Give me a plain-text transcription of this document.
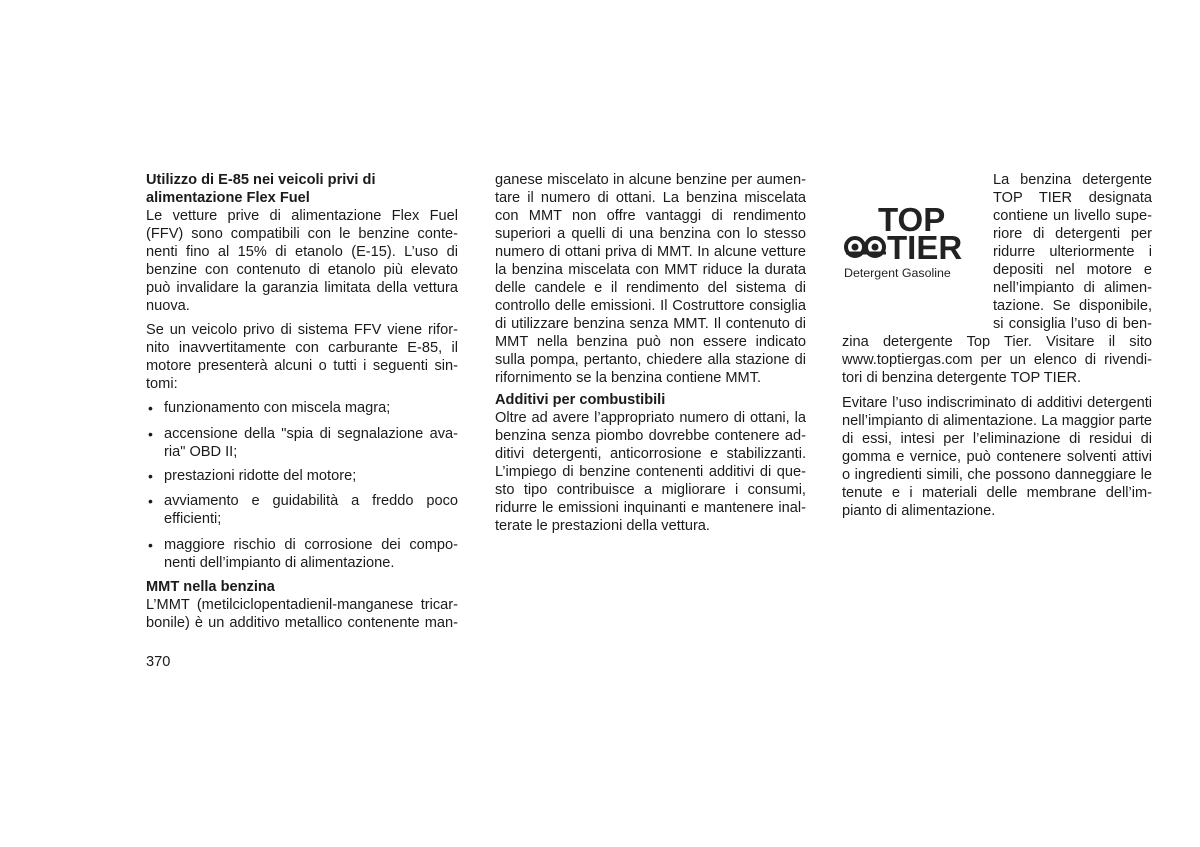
Utilizzo di E-85 nei veicoli privi di
alimentazione Flex Fuel
Le vetture prive di alimentazione Flex Fuel
(FFV) sono compatibili con le benzine conte-
nenti fino al 15% di etanolo (E-15). L’uso di
benzine con contenuto di etanolo più elevato
può invalidare la garanzia limitata della vettura
nuova.
Se un veicolo privo di sistema FFV viene rifor-
nito inavvertitamente con carburante E-85, il
motore presenterà alcuni o tutti i seguenti sin-
tomi:
• funzionamento con miscela magra;
• accensione della "spia di segnalazione ava-
ria" OBD II;
• prestazioni ridotte del motore;
• avviamento e guidabilità a freddo poco
efficienti;
• maggiore rischio di corrosione dei compo-
nenti dell’impianto di alimentazione.
MMT nella benzina
L’MMT (metilciclopentadienil-manganese tricar-
bonile) è un additivo metallico contenente man-
370
ganese miscelato in alcune benzine per aumen-
tare il numero di ottani. La benzina miscelata
con MMT non offre vantaggi di rendimento
superiori a quelli di una benzina con lo stesso
numero di ottani priva di MMT. In alcune vetture
la benzina miscelata con MMT riduce la durata
delle candele e il rendimento del sistema di
controllo delle emissioni. Il Costruttore consiglia
di utilizzare benzina senza MMT. Il contenuto di
MMT nella benzina può non essere indicato
sulla pompa, pertanto, chiedere alla stazione di
rifornimento se la benzina contiene MMT.
Additivi per combustibili
Oltre ad avere l’appropriato numero di ottani, la
benzina senza piombo dovrebbe contenere ad-
ditivi detergenti, anticorrosione e stabilizzanti.
L’impiego di benzine contenenti additivi di que-
sto tipo contribuisce a migliorare i consumi,
ridurre le emissioni inquinanti e mantenere inal-
terate le prestazioni della vettura.
TOP
TIER
Detergent Gasoline
La benzina detergente
TOP TIER designata
contiene un livello supe-
riore di detergenti per
ridurre ulteriormente i
depositi nel motore e
nell’impianto di alimen-
tazione. Se disponibile,
si consiglia l’uso di ben-
zina detergente Top Tier. Visitare il sito
www.toptiergas.com per un elenco di rivendi-
tori di benzina detergente TOP TIER.
Evitare l’uso indiscriminato di additivi detergenti
nell’impianto di alimentazione. La maggior parte
di essi, intesi per l’eliminazione di residui di
gomma e vernice, può contenere solventi attivi
o ingredienti simili, che possono danneggiare le
tenute e i materiali delle membrane dell’im-
pianto di alimentazione.
